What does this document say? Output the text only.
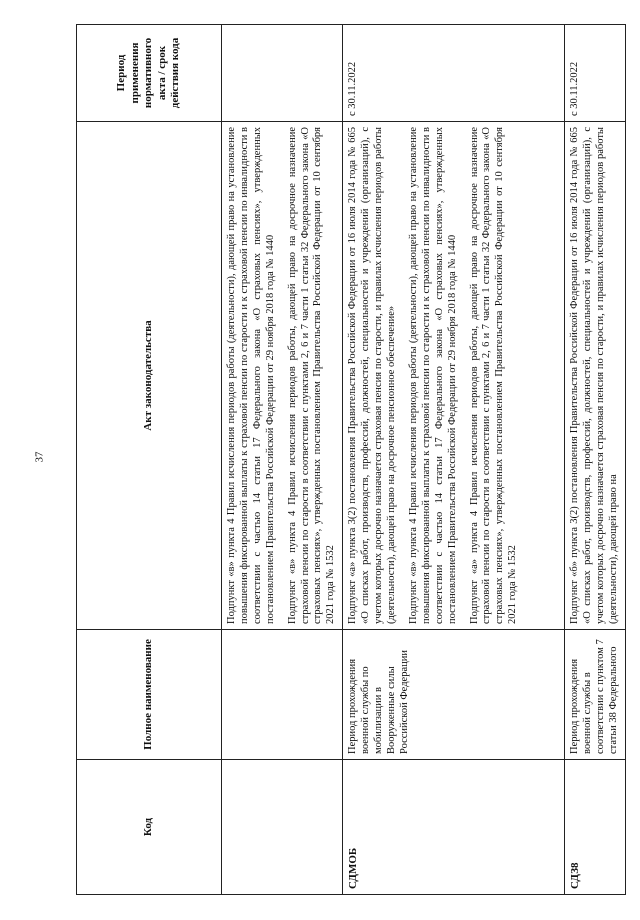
37
Код	Полное наименование	Акт законодательства	Период применения нормативного акта / срок действия кода

		Подпункт «в» пункта 4 Правил исчисления периодов работы (деятельности), дающей право на установление повышения фиксированной выплаты к страховой пенсии по старости и к страховой пенсии по инвалидности в соответствии с частью 14 статьи 17 Федерального закона «О страховых пенсиях», утвержденных постановлением Правительства Российской Федерации от 29 ноября 2018 года № 1440 Подпункт «в» пункта 4 Правил исчисления периодов работы, дающей право на досрочное назначение страховой пенсии по старости в соответствии с пунктами 2, 6 и 7 части 1 статьи 32 Федерального закона «О страховых пенсиях», утвержденных постановлением Правительства Российской Федерации от 10 сентября 2021 года № 1532	

СДМОБ	Период прохождения военной службы по мобилизации в Вооруженные силы Российской Федерации	Подпункт «а» пункта 3(2) постановления Правительства Российской Федерации от 16 июля 2014 года № 665 «О списках работ, производств, профессий, должностей, специальностей и учреждений (организаций), с учетом которых досрочно назначается страховая пенсия по старости, и правилах исчисления периодов работы (деятельности), дающей право на досрочное пенсионное обеспечение» Подпункт «в» пункта 4 Правил исчисления периодов работы (деятельности), дающей право на установление повышения фиксированной выплаты к страховой пенсии по старости и к страховой пенсии по инвалидности в соответствии с частью 14 статьи 17 Федерального закона «О страховых пенсиях», утвержденных постановлением Правительства Российской Федерации от 29 ноября 2018 года № 1440 Подпункт «а» пункта 4 Правил исчисления периодов работы, дающей право на досрочное назначение страховой пенсии по старости в соответствии с пунктами 2, 6 и 7 части 1 статьи 32 Федерального закона «О страховых пенсиях», утвержденных постановлением Правительства Российской Федерации от 10 сентября 2021 года № 1532	с 30.11.2022
СДЗ8	Период прохождения военной службы в соответствии с пунктом 7 статьи 38 Федерального	Подпункт «б» пункта 3(2) постановления Правительства Российской Федерации от 16 июля 2014 года № 665 «О списках работ, производств, профессий, должностей, специальностей и учреждений (организаций), с учетом которых досрочно назначается страховая пенсия по старости, и правилах исчисления периодов работы (деятельности), дающей право на	с 30.11.2022
